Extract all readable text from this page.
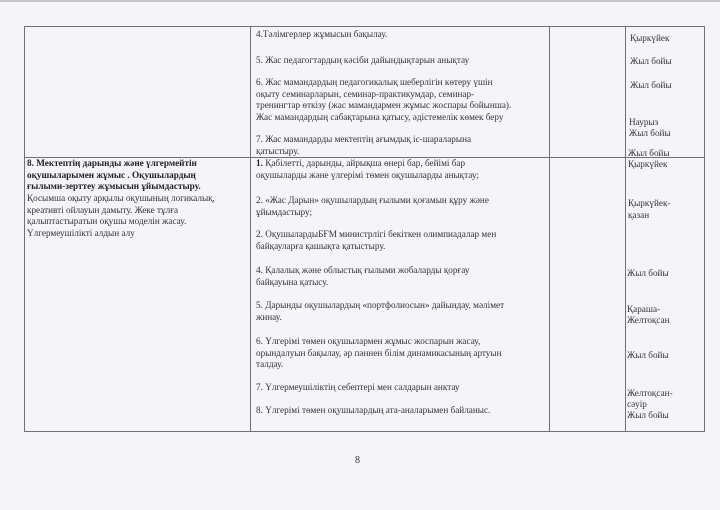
4.Тәлімгерлер жұмысын бақылау.
5. Жас педагогтардың кәсіби дайындықтарын анықтау
6. Жас мамандардың педагогикалық шеберлігін көтеру үшін
оқыту семинарларын, семинар-практикумдар, семинар-
тренингтар өткізу (жас мамандармен жұмыс жоспары бойынша).
Жас мамандардың сабақтарына қатысу, әдістемелік көмек беру
7. Жас мамандарды мектептің ағымдық іс-шараларына
қатыстыру.
Қыркүйек
Жыл бойы
Жыл бойы
Наурыз
Жыл бойы
Жыл бойы
8. Мектептің дарынды және үлгермейтін
оқушыларымен жұмыс . Оқушылардың
ғылыми-зерттеу жұмысын ұйымдастыру.
Қосымша оқыту арқылы оқушының логикалық,
креативті ойлауын дамыту. Жеке тұлға
қалыптастыратын оқушы моделін жасау.
Үлгермеушілікті алдын алу
1. Қабілетті, дарынды, айрықша өнері бар, бейімі бар
оқушыларды және үлгерімі төмен оқушыларды анықтау;
2. «Жас Дарын» оқушылардың ғылыми қоғамын құру және
ұйымдастыру;
2. ОқушылардыБҒМ министрлігі бекіткен олимпиадалар мен
байқауларға қашықта қатыстыру.
4. Қалалық және облыстық ғылыми жобаларды қорғау
байқауына қатысу.
5. Дарынды оқушылардың «портфолиосын» дайындау, мәлімет
жинау.
6. Үлгерімі төмен оқушылармен жұмыс жоспарын жасау,
орындалуын бақылау, әр пәннен білім динамикасының артуын
талдау.
7. Үлгермеушіліктің себептері мен салдарын анктау
8. Үлгерімі төмен оқушылардың ата-аналарымен байланыс.
Қыркүйек
Қыркүйек-
қазан
Жыл бойы
Қараша-
Желтоқсан
Жыл бойы
Желтоқсан-
сәуір
Жыл бойы
8
